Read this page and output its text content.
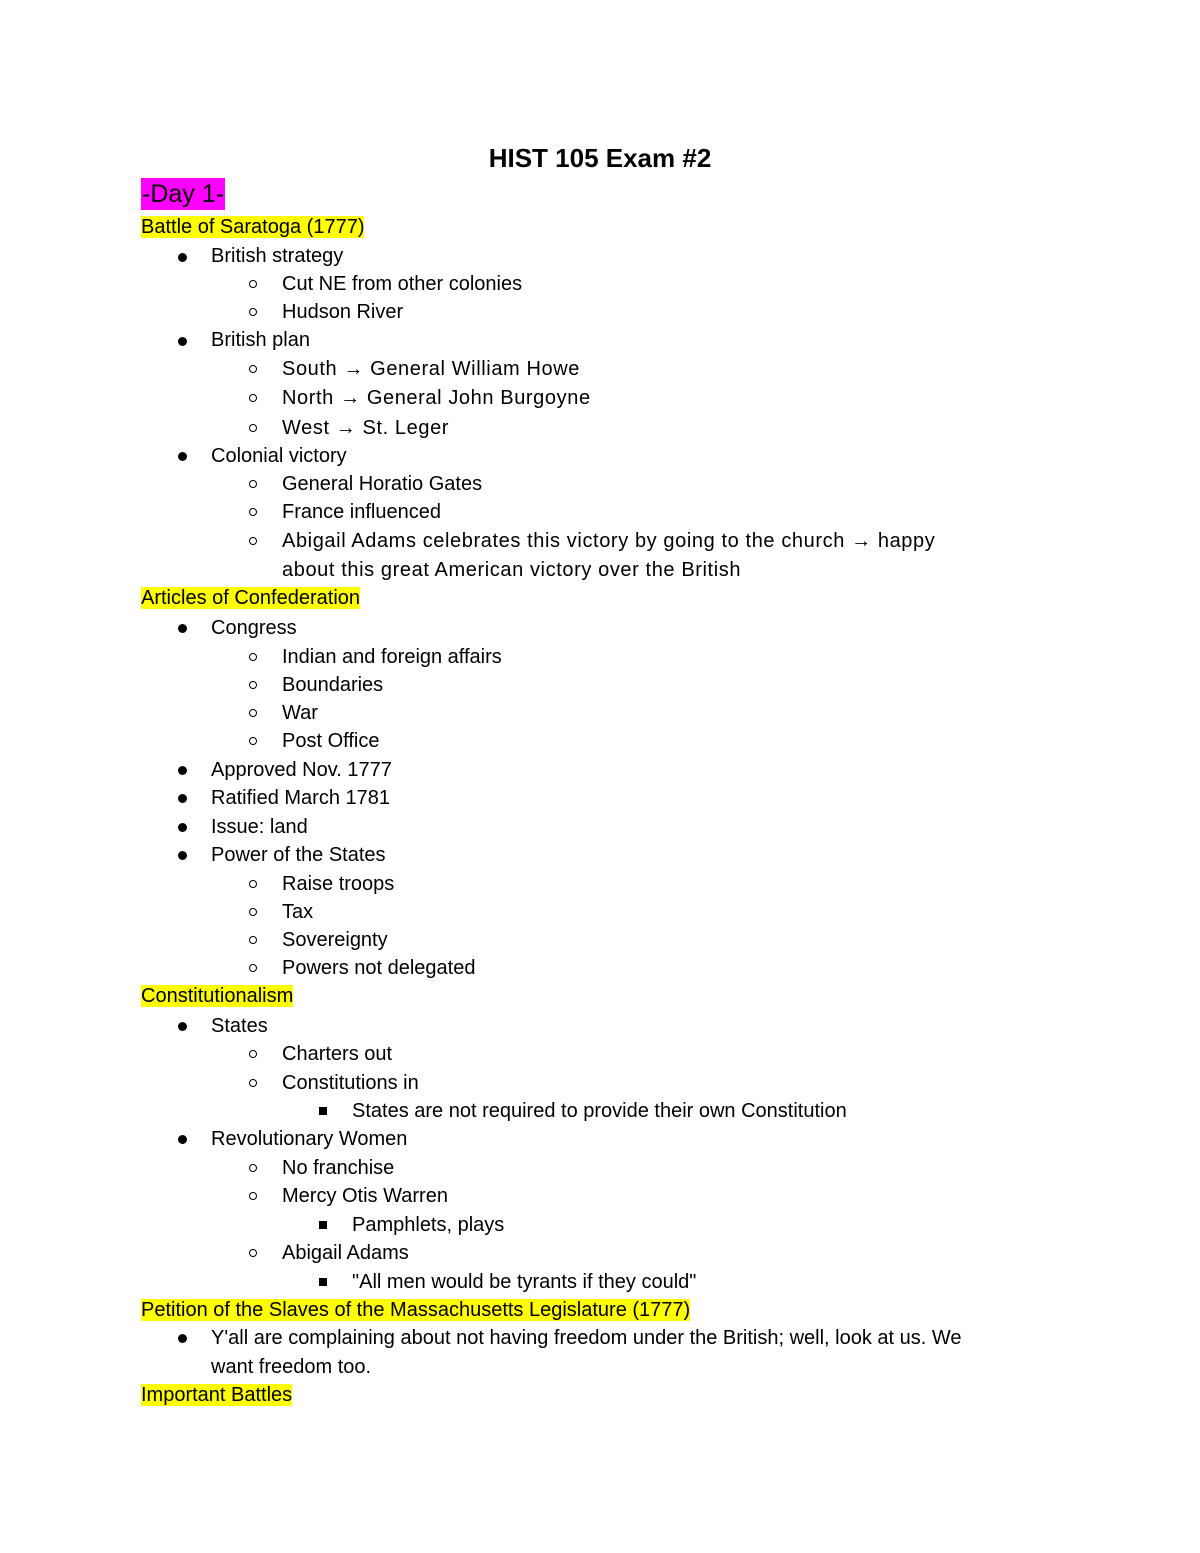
HIST 105 Exam #2
-Day 1-
Battle of Saratoga (1777)
British strategy
Cut NE from other colonies
Hudson River
British plan
South → General William Howe
North → General John Burgoyne
West → St. Leger
Colonial victory
General Horatio Gates
France influenced
Abigail Adams celebrates this victory by going to the church → happy
about this great American victory over the British
Articles of Confederation
Congress
Indian and foreign affairs
Boundaries
War
Post Office
Approved Nov. 1777
Ratified March 1781
Issue: land
Power of the States
Raise troops
Tax
Sovereignty
Powers not delegated
Constitutionalism
States
Charters out
Constitutions in
States are not required to provide their own Constitution
Revolutionary Women
No franchise
Mercy Otis Warren
Pamphlets, plays
Abigail Adams
"All men would be tyrants if they could"
Petition of the Slaves of the Massachusetts Legislature (1777)
Y'all are complaining about not having freedom under the British; well, look at us. We
want freedom too.
Important Battles
